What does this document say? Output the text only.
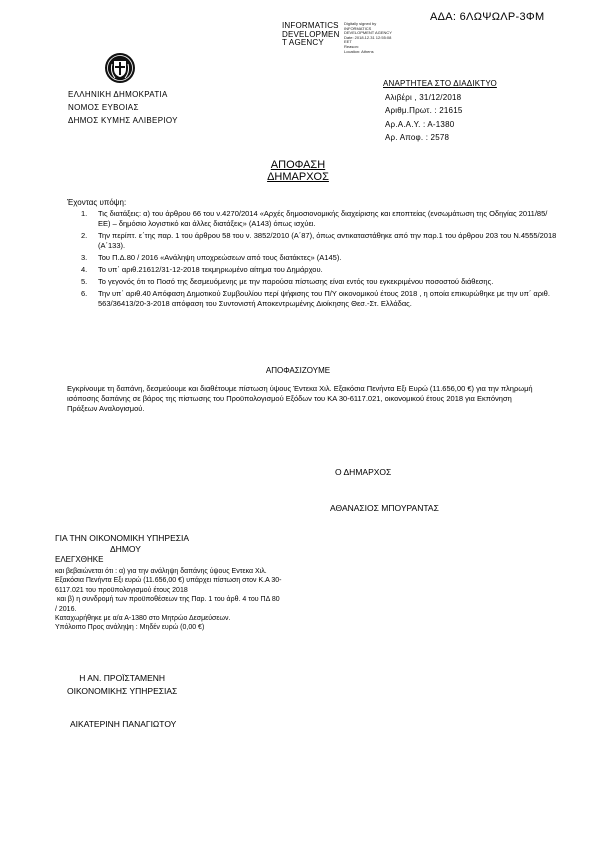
ΑΔΑ: 6ΛΩΨΩΛΡ-3ΦΜ
INFORMATICS
DEVELOPMEN
T AGENCY
Digitally signed by
INFORMATICS
DEVELOPMENT AGENCY
Date: 2018.12.31 12:55:08
EET
Reason:
Location: Athens
ΕΛΛΗΝΙΚΗ ΔΗΜΟΚΡΑΤΙΑ
ΝΟΜΟΣ ΕΥΒΟΙΑΣ
ΔΗΜΟΣ ΚΥΜΗΣ ΑΛΙΒΕΡΙΟΥ
ΑΝΑΡΤΗΤΕΑ ΣΤΟ ΔΙΑΔΙΚΤΥΟ
Αλιβέρι , 31/12/2018
Αριθμ.Πρωτ. : 21615
Αρ.Α.Α.Υ. : Α-1380
Αρ. Αποφ. : 2578
ΑΠΟΦΑΣΗ
ΔΗΜΑΡΧΟΣ
Έχοντας υπόψη:
1. Τις διατάξεις: α) του άρθρου 66 του ν.4270/2014 «Αρχές δημοσιονομικής διαχείρισης και εποπτείας (ενσωμάτωση της Οδηγίας 2011/85/ΕΕ) – δημόσιο λογιστικό και άλλες διατάξεις» (Α143) όπως ισχύει.
2. Την περίπτ. ε΄της παρ. 1 του άρθρου 58 του ν. 3852/2010 (Α΄87), όπως αντικαταστάθηκε από την παρ.1 του άρθρου 203 του Ν.4555/2018 (Α΄133).
3. Του Π.Δ.80 / 2016 «Ανάληψη υποχρεώσεων από τους διατάκτες» (Α145).
4. Το υπ΄ αριθ.21612/31-12-2018 τεκμηριωμένο αίτημα του Δημάρχου.
5. Το γεγονός ότι το Ποσό της δεσμευόμενης με την παρούσα πίστωσης είναι εντός του εγκεκριμένου ποσοστού διάθεσης.
6. Την υπ΄ αριθ.40 Απόφαση Δημοτικού Συμβουλίου περί ψήφισης του Π/Υ οικονομικού έτους 2018 , η οποία επικυρώθηκε με την υπ΄ αριθ. 563/36413/20-3-2018 απόφαση του Συντονιστή Αποκεντρωμένης Διοίκησης Θεσ.-Στ. Ελλάδας.
ΑΠΟΦΑΣΙΖΟΥΜΕ
Εγκρίνουμε τη δαπάνη, δεσμεύουμε και διαθέτουμε πίστωση ύψους Έντεκα Χιλ. Εξακόσια Πενήντα Εξι Ευρώ (11.656,00 €) για την πληρωμή ισόποσης δαπάνης σε βάρος της πίστωσης του Προϋπολογισμού Εξόδων του ΚΑ 30-6117.021, οικονομικού έτους 2018 για Εκπόνηση Πράξεων Αναλογισμού.
Ο ΔΗΜΑΡΧΟΣ
ΑΘΑΝΑΣΙΟΣ ΜΠΟΥΡΑΝΤΑΣ
ΓΙΑ ΤΗΝ ΟΙΚΟΝΟΜΙΚΗ ΥΠΗΡΕΣΙΑ
ΔΗΜΟΥ
ΕΛΕΓΧΘΗΚΕ
και βεβαιώνεται ότι : α) για την ανάληψη δαπάνης ύψους Εντεκα Χιλ.
Εξακόσια Πενήντα Εξι ευρώ (11.656,00 €) υπάρχει πίστωση στον Κ.Α 30-
6117.021 του προϋπολογισμού έτους 2018
και β) η συνδρομή των προϋποθέσεων της Παρ. 1 του άρθ. 4 του ΠΔ 80
/ 2016.
Καταχωρήθηκε με α/α Α-1380 στο Μητρώο Δεσμεύσεων.
Υπόλοιπο Προς ανάληψη : Μηδέν ευρώ (0,00 €)
Η ΑΝ. ΠΡΟΪΣΤΑΜΕΝΗ
ΟΙΚΟΝΟΜΙΚΗΣ ΥΠΗΡΕΣΙΑΣ
ΑΙΚΑΤΕΡΙΝΗ ΠΑΝΑΓΙΩΤΟΥ
